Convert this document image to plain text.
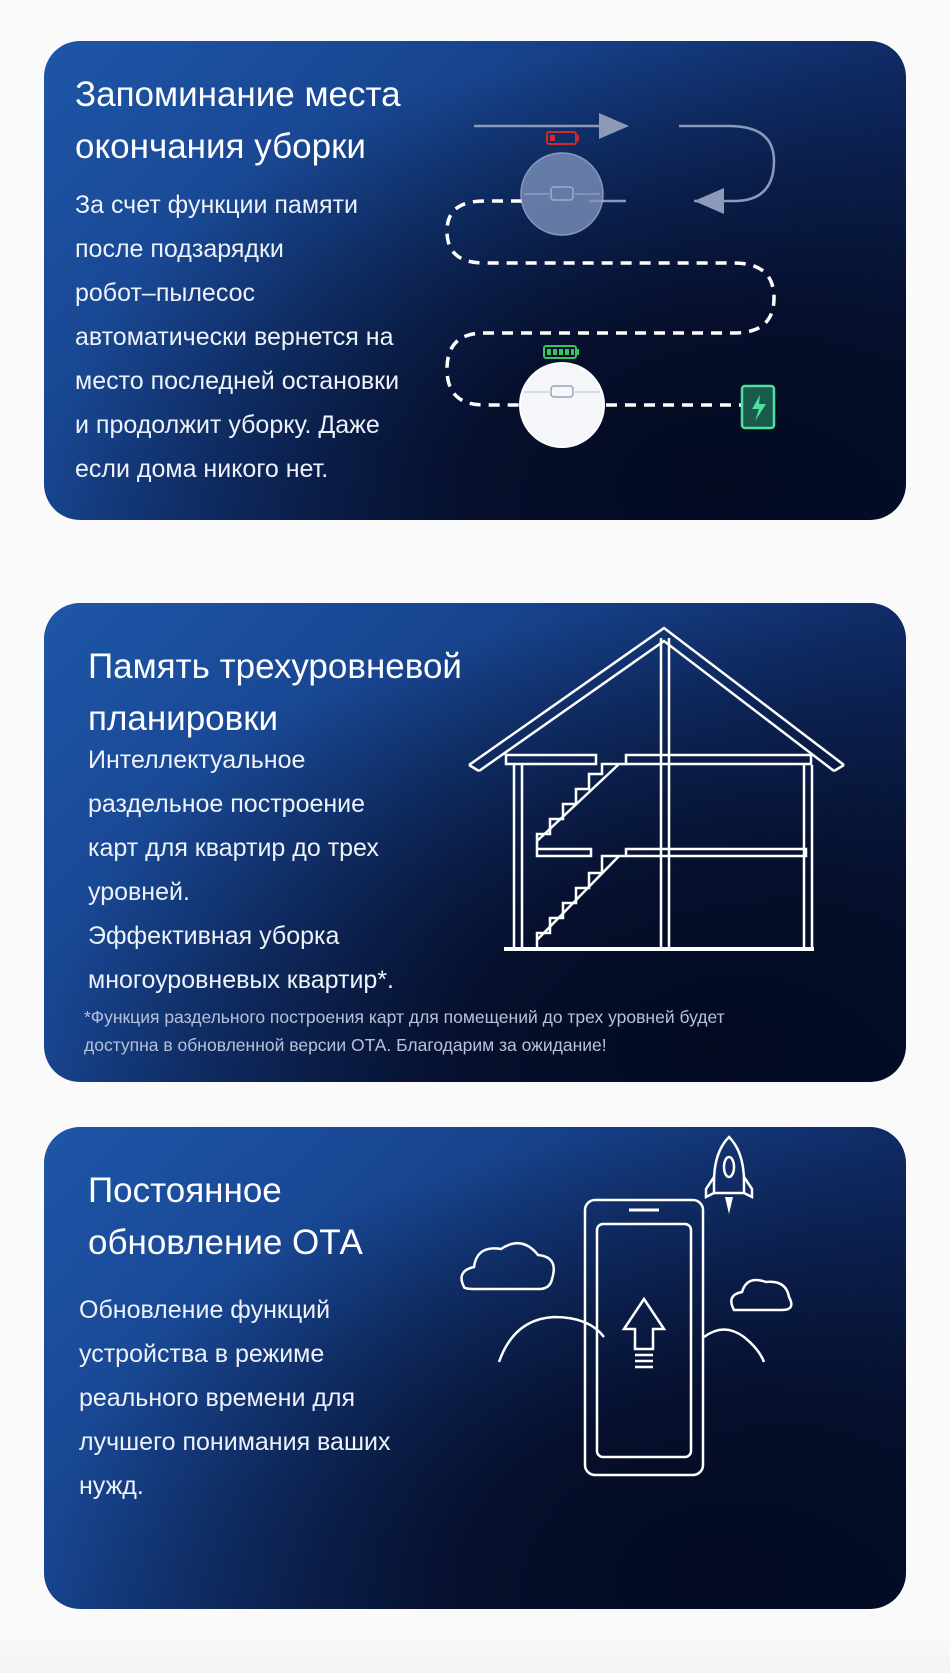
Запоминание места
окончания уборки

За счет функции памяти
после подзарядки
робот–пылесос
автоматически вернется на
место последней остановки
и продолжит уборку. Даже
если дома никого нет.

Память трехуровневой
планировки

Интеллектуальное
раздельное построение
карт для квартир до трех
уровней.
Эффективная уборка
многоуровневых квартир*.

*Функция раздельного построения карт для помещений до трех уровней будет
доступна в обновленной версии ОТА. Благодарим за ожидание!

Постоянное
обновление ОТА

Обновление функций
устройства в режиме
реального времени для
лучшего понимания ваших
нужд.
